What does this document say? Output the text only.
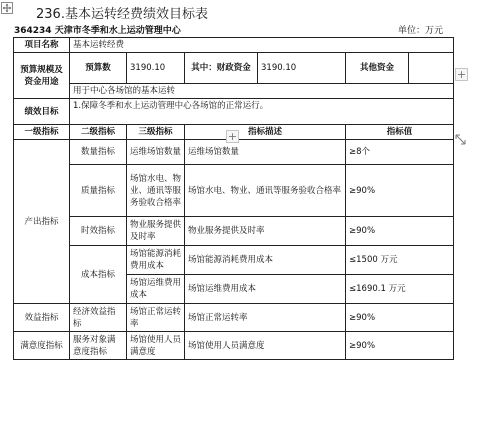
236.基本运转经费绩效目标表
364234 天津市冬季和水上运动管理中心	单位：万元
项目名称	基本运转经费				
预算规模及资金用途	预算数	3190.10	其中：财政资金	3190.10	其他资金

	用于中心各场馆的基本运转				
绩效目标	1.保障冬季和水上运动管理中心各场馆的正常运行。				
一级指标	二级指标	三级指标	指标描述		指标值
产出指标	数量指标	运维场馆数量	运维场馆数量		≥8个
	质量指标	场馆水电、物业、通讯等服务验收合格率	场馆水电、物业、通讯等服务验收合格率		≥90%
	时效指标	物业服务提供及时率	物业服务提供及时率		≥90%
	成本指标	场馆能源消耗费用成本	场馆能源消耗费用成本		≤1500 万元
		场馆运维费用成本	场馆运维费用成本		≤1690.1 万元
效益指标	经济效益指标	场馆正常运转率	场馆正常运转率		≥90%
满意度指标	服务对象满意度指标	场馆使用人员满意度	场馆使用人员满意度		≥90%
+
+
